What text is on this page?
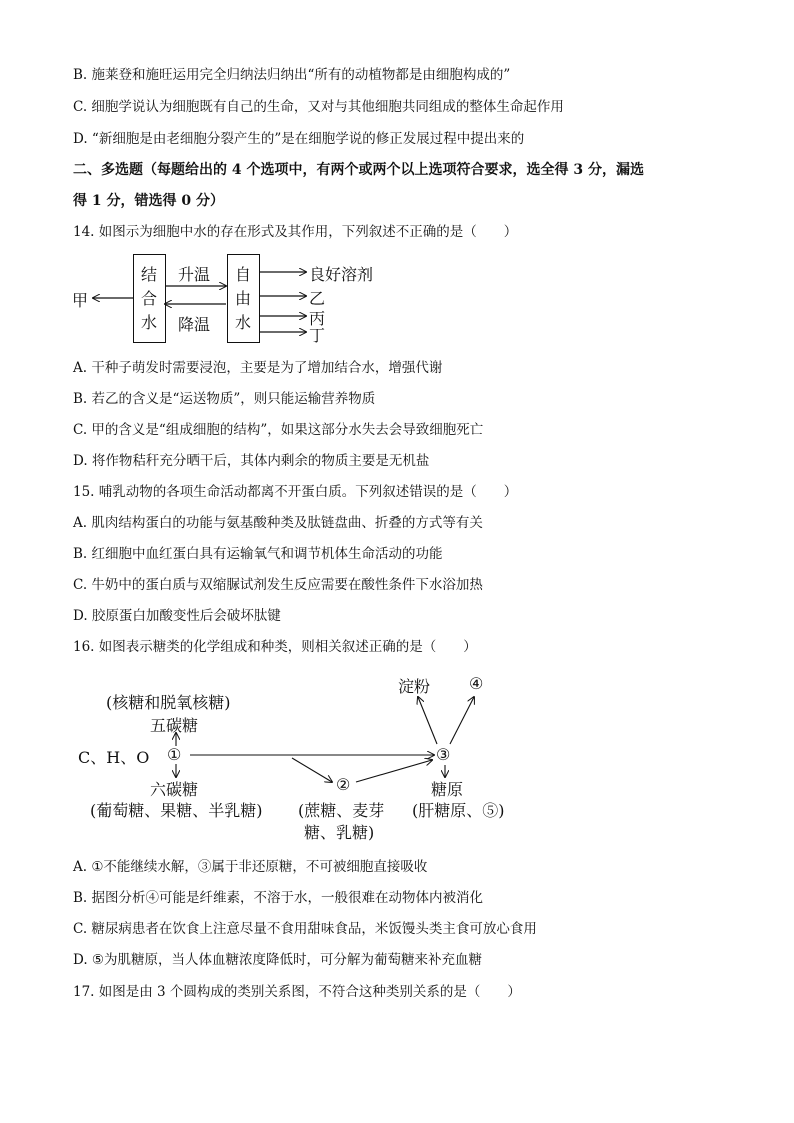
B. 施莱登和施旺运用完全归纳法归纳出“所有的动植物都是由细胞构成的”
C. 细胞学说认为细胞既有自己的生命，又对与其他细胞共同组成的整体生命起作用
D. “新细胞是由老细胞分裂产生的”是在细胞学说的修正发展过程中提出来的
二、多选题（每题给出的 4 个选项中，有两个或两个以上选项符合要求，选全得 3 分，漏选
得 1 分，错选得 0 分）
14. 如图示为细胞中水的存在形式及其作用，下列叙述不正确的是（　　）
甲
结
合
水
升温
降温
自
由
水
良好溶剂
乙
丙
丁
A. 干种子萌发时需要浸泡，主要是为了增加结合水，增强代谢
B. 若乙的含义是“运送物质”，则只能运输营养物质
C. 甲的含义是“组成细胞的结构”，如果这部分水失去会导致细胞死亡
D. 将作物秸秆充分晒干后，其体内剩余的物质主要是无机盐
15. 哺乳动物的各项生命活动都离不开蛋白质。下列叙述错误的是（　　）
A. 肌肉结构蛋白的功能与氨基酸种类及肽链盘曲、折叠的方式等有关
B. 红细胞中血红蛋白具有运输氧气和调节机体生命活动的功能
C. 牛奶中的蛋白质与双缩脲试剂发生反应需要在酸性条件下水浴加热
D. 胶原蛋白加酸变性后会破坏肽键
16. 如图表示糖类的化学组成和种类，则相关叙述正确的是（　　）
(核糖和脱氧核糖)
五碳糖
C、H、O ①
②
③
淀粉 ④
六碳糖
(葡萄糖、果糖、半乳糖) (蔗糖、麦芽
糖、乳糖)
糖原
(肝糖原、⑤)
A. ①不能继续水解，③属于非还原糖，不可被细胞直接吸收
B. 据图分析④可能是纤维素，不溶于水，一般很难在动物体内被消化
C. 糖尿病患者在饮食上注意尽量不食用甜味食品，米饭馒头类主食可放心食用
D. ⑤为肌糖原，当人体血糖浓度降低时，可分解为葡萄糖来补充血糖
17. 如图是由 3 个圆构成的类别关系图，不符合这种类别关系的是（　　）
